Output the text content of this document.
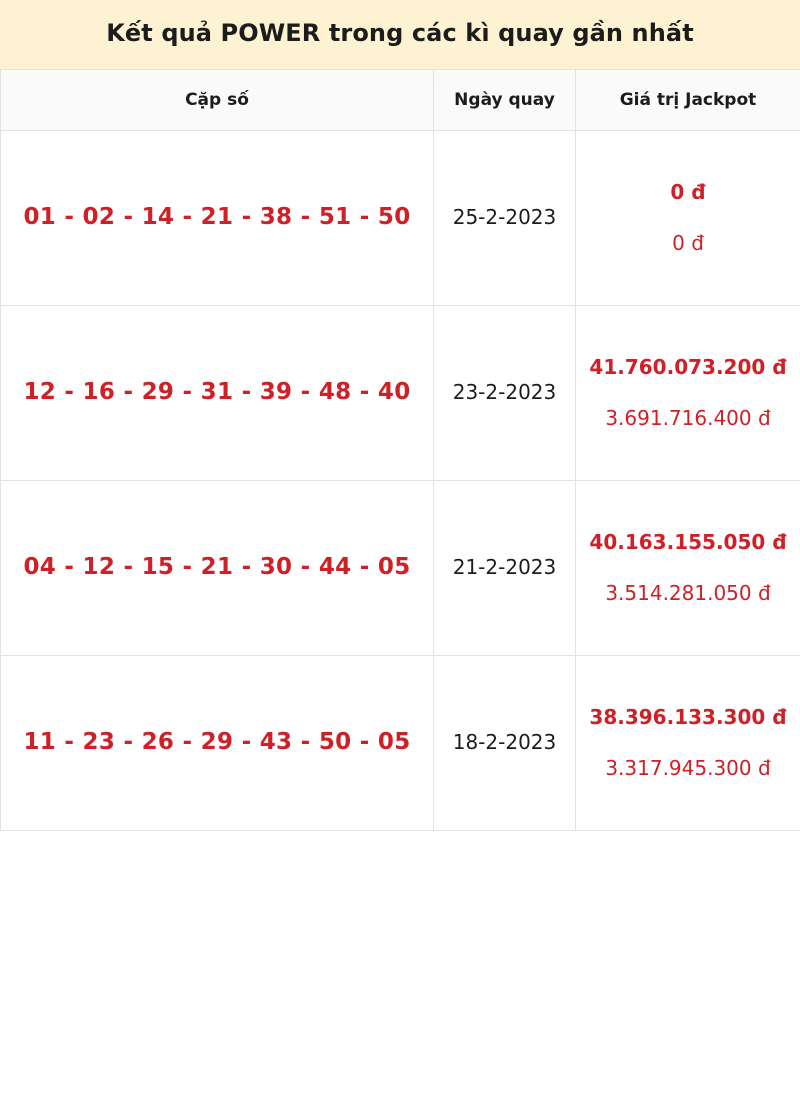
Kết quả POWER trong các kì quay gần nhất
Cặp số	Ngày quay	Giá trị Jackpot
01 - 02 - 14 - 21 - 38 - 51 - 50	25-2-2023	0 đ
0 đ

12 - 16 - 29 - 31 - 39 - 48 - 40	23-2-2023	41.760.073.200 đ
3.691.716.400 đ

04 - 12 - 15 - 21 - 30 - 44 - 05	21-2-2023	40.163.155.050 đ
3.514.281.050 đ

11 - 23 - 26 - 29 - 43 - 50 - 05	18-2-2023	38.396.133.300 đ
3.317.945.300 đ
